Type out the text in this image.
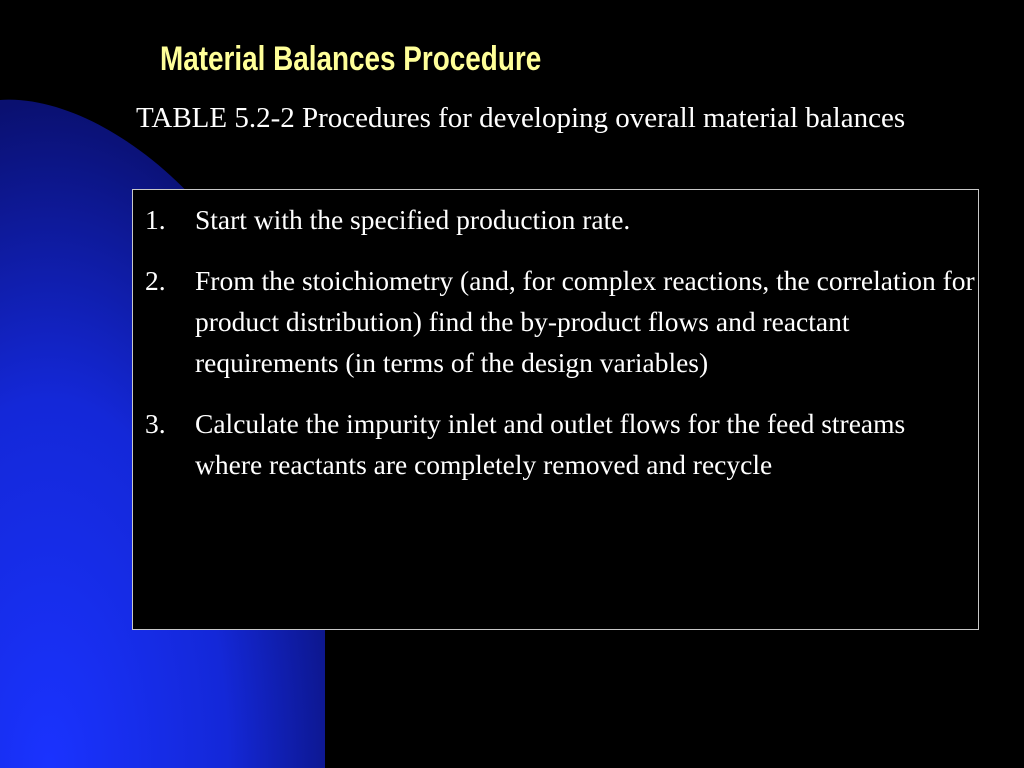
Material Balances Procedure
TABLE 5.2-2 Procedures for developing overall material balances
1.	Start with the specified production rate.
2.	From the stoichiometry (and, for complex reactions, the correlation for product distribution) find the by-product flows and reactant requirements (in terms of the design variables)
3.	Calculate the impurity inlet and outlet flows for the feed streams where reactants are completely removed and recycle
